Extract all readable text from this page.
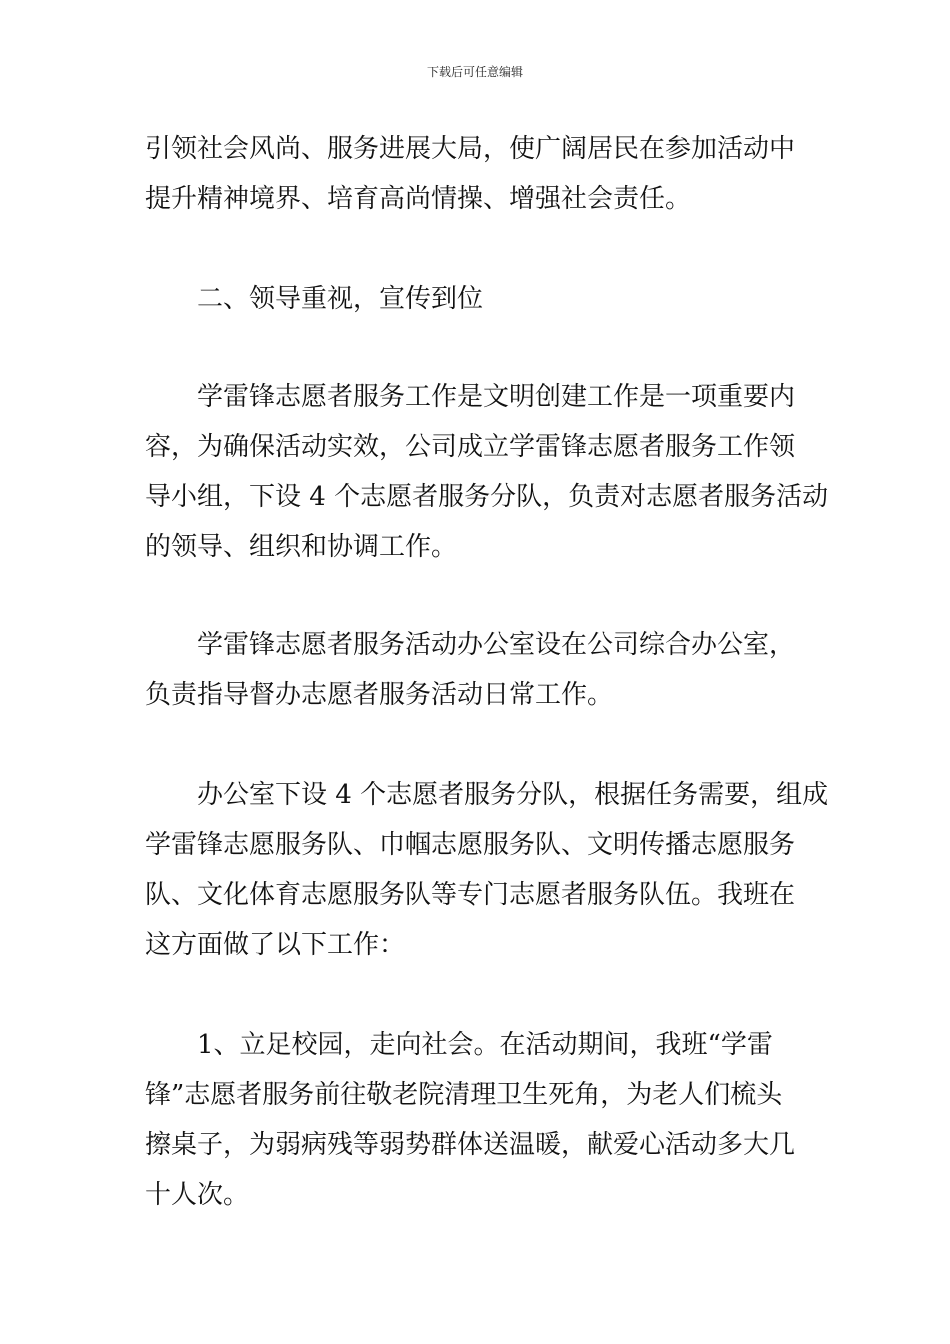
下载后可任意编辑
引领社会风尚、服务进展大局，使广阔居民在参加活动中
提升精神境界、培育高尚情操、增强社会责任。
二、领导重视，宣传到位
学雷锋志愿者服务工作是文明创建工作是一项重要内
容，为确保活动实效，公司成立学雷锋志愿者服务工作领
导小组，下设 4 个志愿者服务分队，负责对志愿者服务活动
的领导、组织和协调工作。
学雷锋志愿者服务活动办公室设在公司综合办公室，
负责指导督办志愿者服务活动日常工作。
办公室下设 4 个志愿者服务分队，根据任务需要，组成
学雷锋志愿服务队、巾帼志愿服务队、文明传播志愿服务
队、文化体育志愿服务队等专门志愿者服务队伍。我班在
这方面做了以下工作：
1、立足校园，走向社会。在活动期间，我班“学雷
锋”志愿者服务前往敬老院清理卫生死角，为老人们梳头
擦桌子，为弱病残等弱势群体送温暖，献爱心活动多大几
十人次。
